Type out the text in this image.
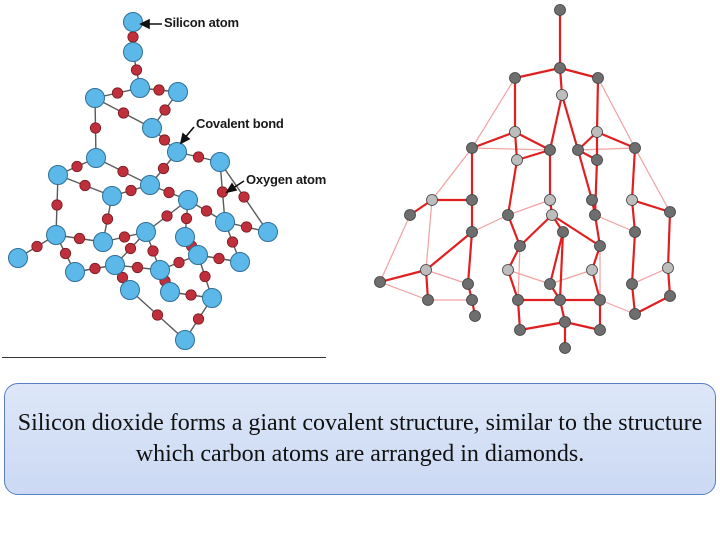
Silicon atom
Covalent bond
Oxygen atom
Silicon dioxide forms a giant covalent structure, similar to the structure which carbon atoms are arranged in diamonds.
